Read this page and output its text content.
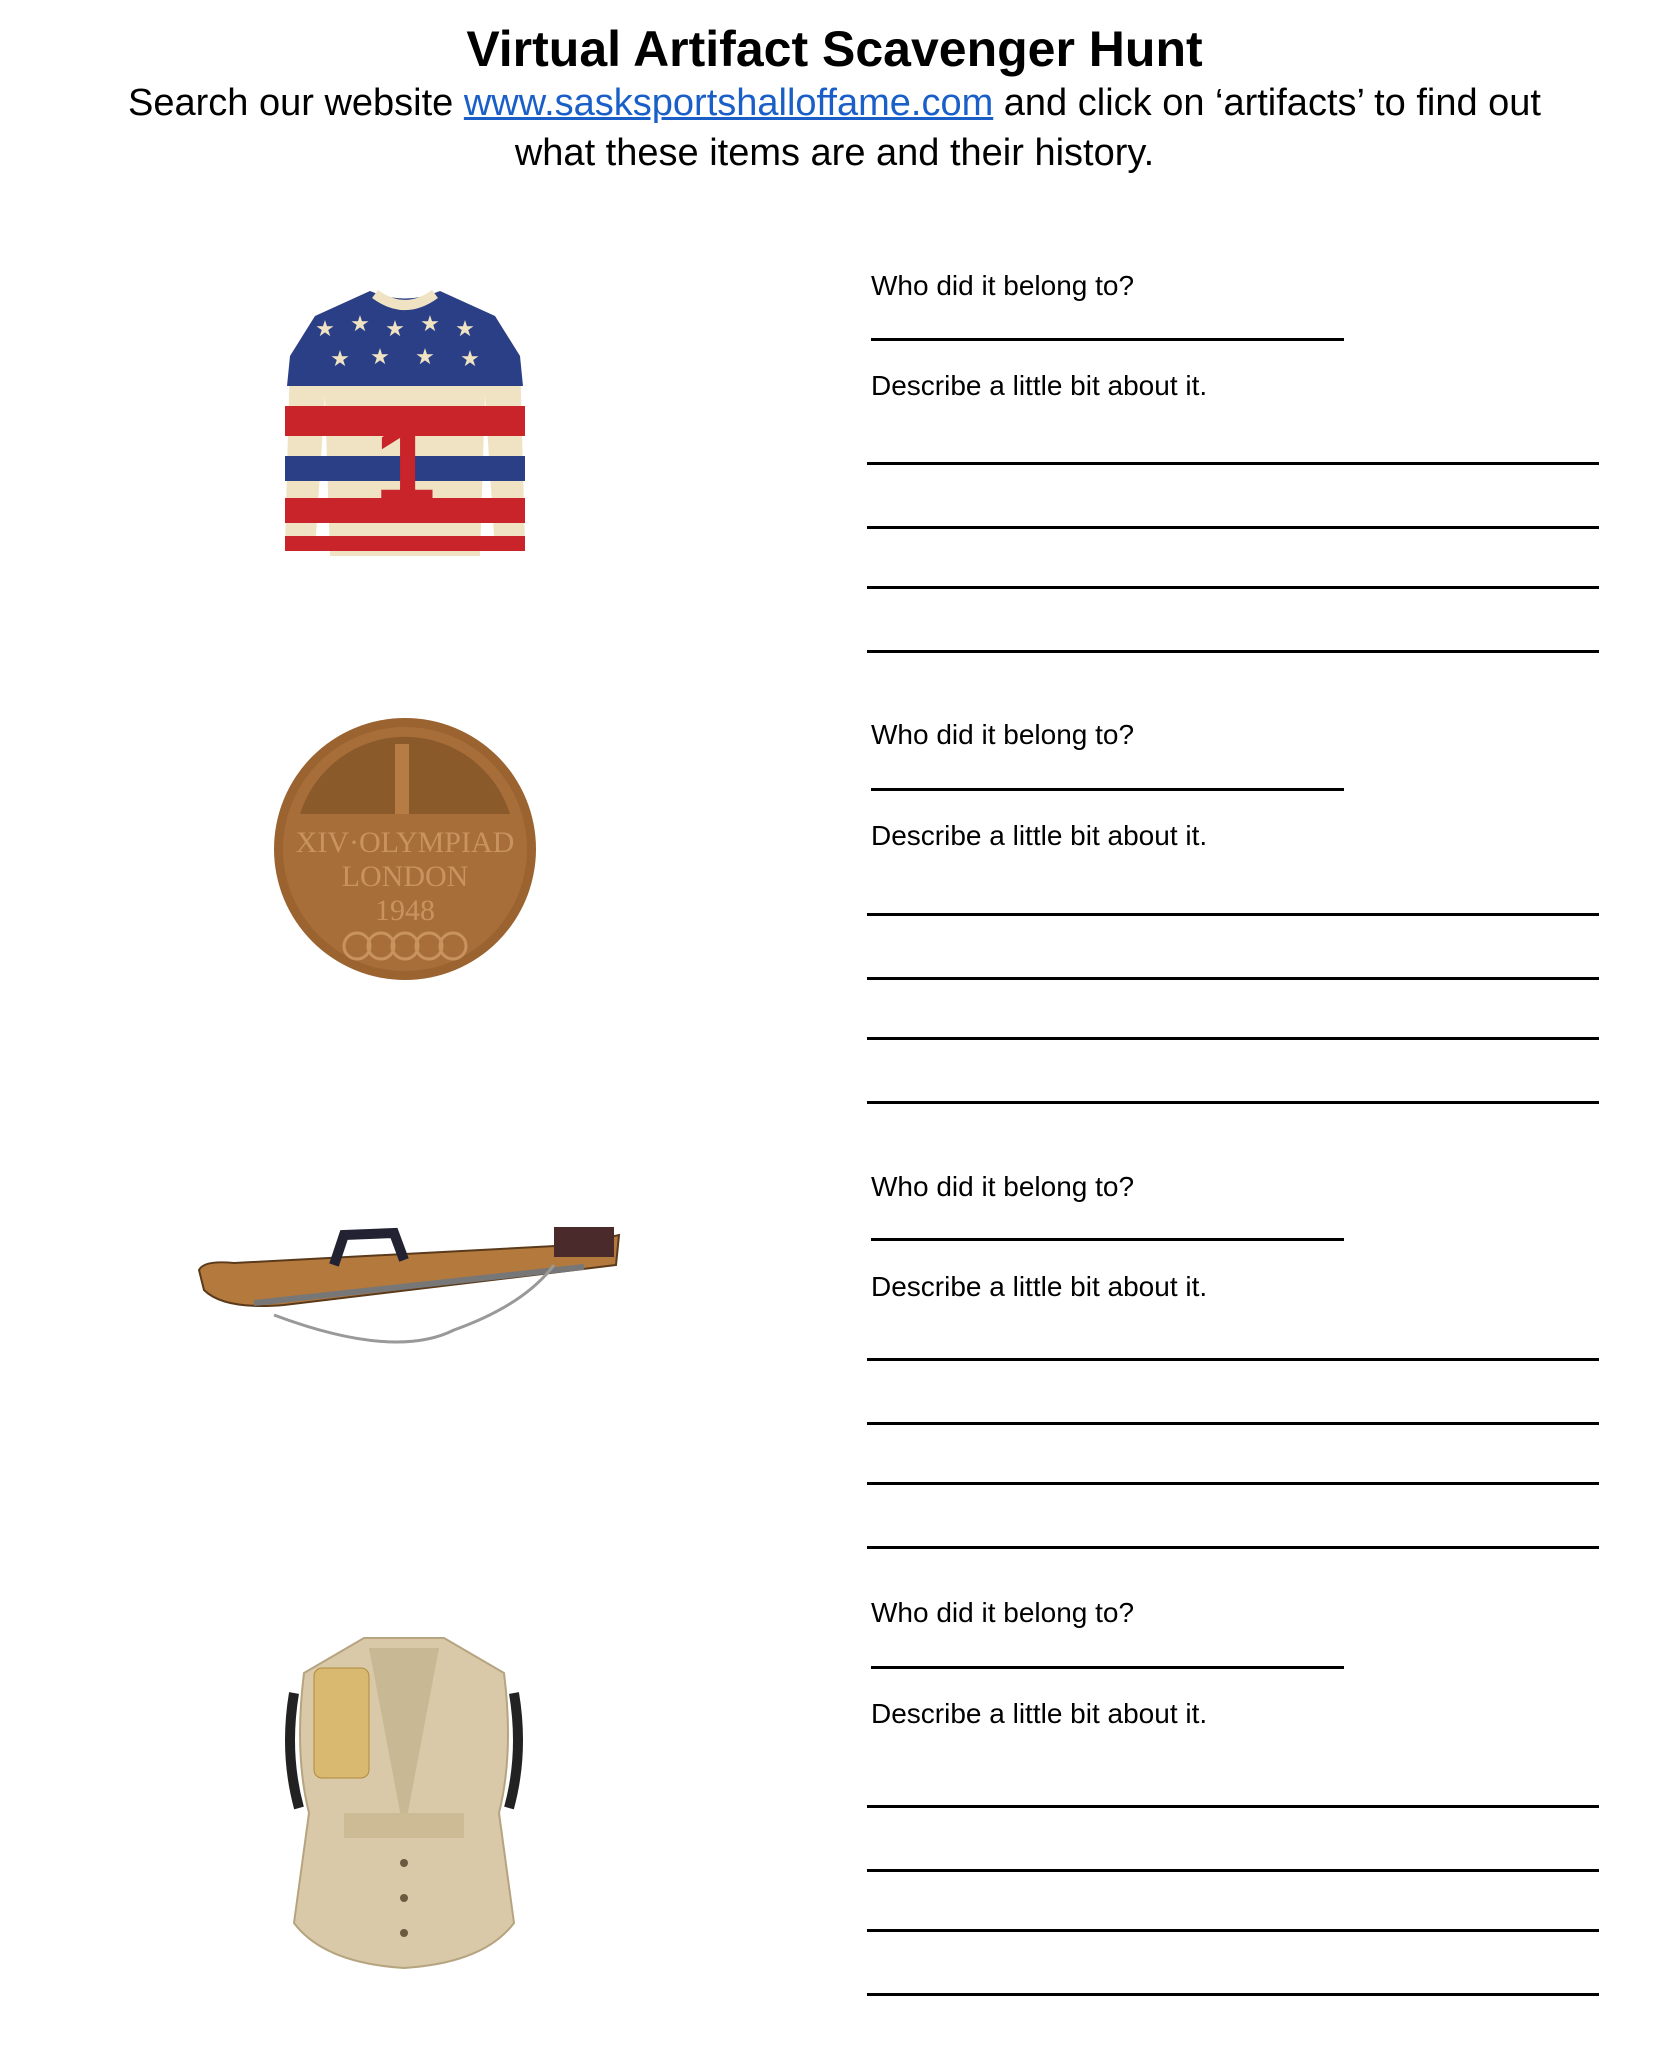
Virtual Artifact Scavenger Hunt
Search our website www.sasksportshalloffame.com and click on ‘artifacts’ to find out
what these items are and their history.
★ ★ ★ ★ ★
★ ★ ★ ★
1
XIV·OLYMPIAD
LONDON
1948
Who did it belong to?
Describe a little bit about it.
Who did it belong to?
Describe a little bit about it.
Who did it belong to?
Describe a little bit about it.
Who did it belong to?
Describe a little bit about it.
